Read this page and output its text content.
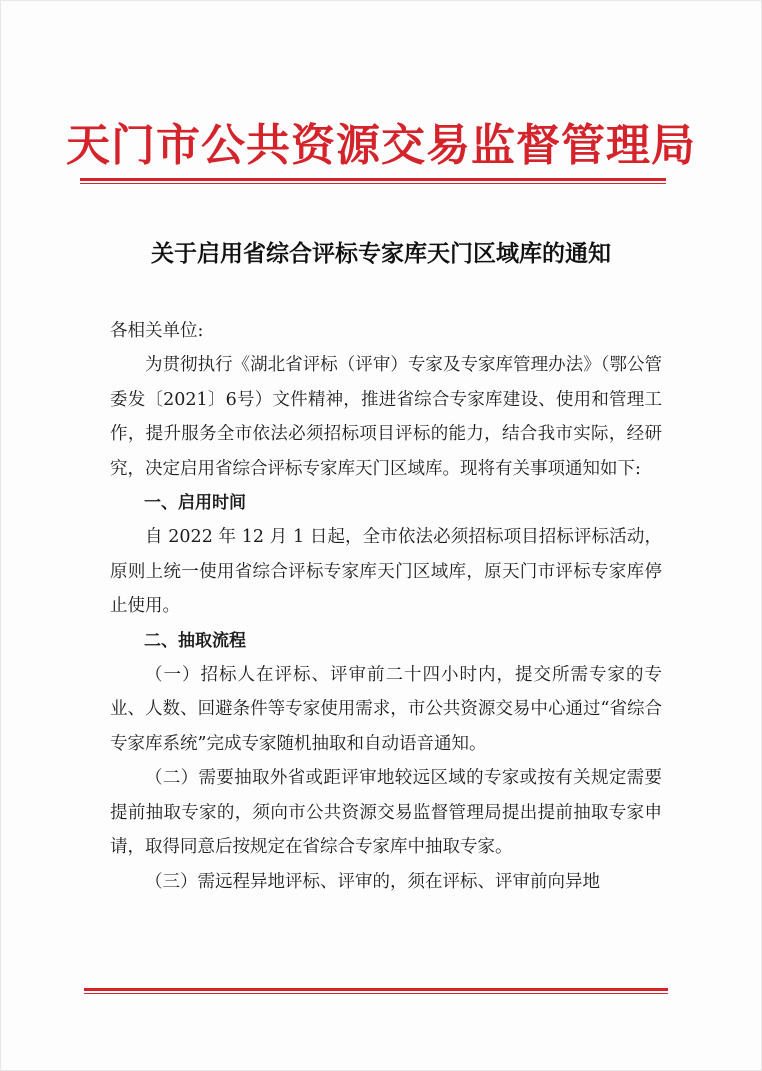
天门市公共资源交易监督管理局
关于启用省综合评标专家库天门区域库的通知

各相关单位:

为贯彻执行《湖北省评标（评审）专家及专家库管理办法》（鄂公管委发〔2021〕6号）文件精神，推进省综合专家库建设、使用和管理工作，提升服务全市依法必须招标项目评标的能力，结合我市实际，经研究，决定启用省综合评标专家库天门区域库。现将有关事项通知如下:

一、启用时间

自 2022 年 12 月 1 日起，全市依法必须招标项目招标评标活动，原则上统一使用省综合评标专家库天门区域库，原天门市评标专家库停止使用。

二、抽取流程

（一）招标人在评标、评审前二十四小时内，提交所需专家的专业、人数、回避条件等专家使用需求，市公共资源交易中心通过“省综合专家库系统”完成专家随机抽取和自动语音通知。

（二）需要抽取外省或距评审地较远区域的专家或按有关规定需要提前抽取专家的，须向市公共资源交易监督管理局提出提前抽取专家申请，取得同意后按规定在省综合专家库中抽取专家。

（三）需远程异地评标、评审的，须在评标、评审前向异地
